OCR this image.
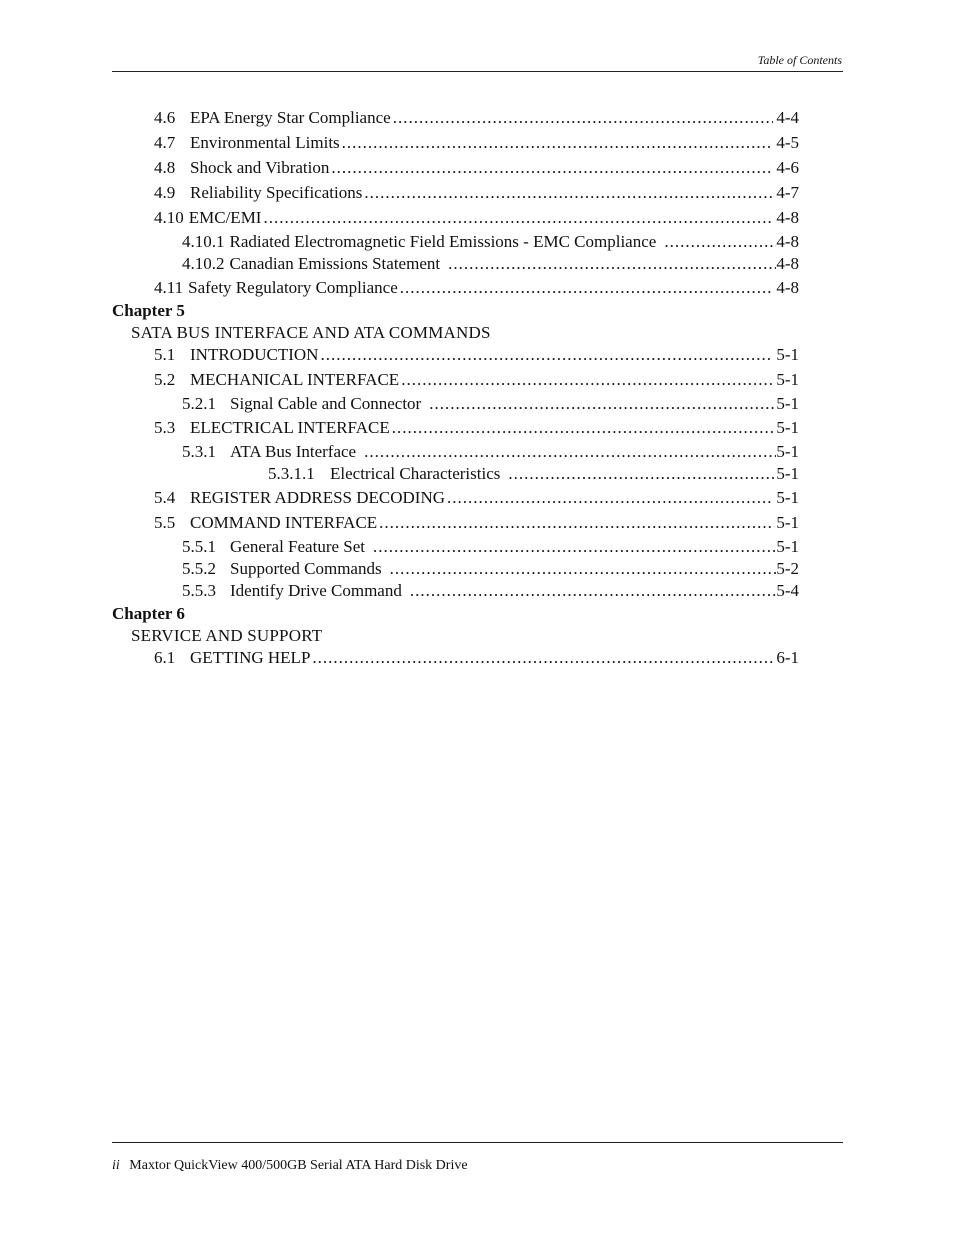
Table of Contents
4.6 EPA Energy Star Compliance .....	4-4
4.7 Environmental Limits .....	4-5
4.8 Shock and Vibration .....	4-6
4.9 Reliability Specifications .....	4-7
4.10 EMC/EMI .....	4-8
4.10.1 Radiated Electromagnetic Field Emissions - EMC Compliance .....	4-8
4.10.2 Canadian Emissions Statement .....	4-8
4.11 Safety Regulatory Compliance .....	4-8
Chapter 5
SATA BUS INTERFACE AND ATA COMMANDS
5.1 INTRODUCTION .....	5-1
5.2 MECHANICAL INTERFACE .....	5-1
5.2.1 Signal Cable and Connector .....	5-1
5.3 ELECTRICAL INTERFACE .....	5-1
5.3.1 ATA Bus Interface .....	5-1
5.3.1.1 Electrical Characteristics .....	5-1
5.4 REGISTER ADDRESS DECODING .....	5-1
5.5 COMMAND INTERFACE .....	5-1
5.5.1 General Feature Set .....	5-1
5.5.2 Supported Commands .....	5-2
5.5.3 Identify Drive Command .....	5-4
Chapter 6
SERVICE AND SUPPORT
6.1 GETTING HELP .....	6-1
ii Maxtor QuickView 400/500GB Serial ATA Hard Disk Drive
